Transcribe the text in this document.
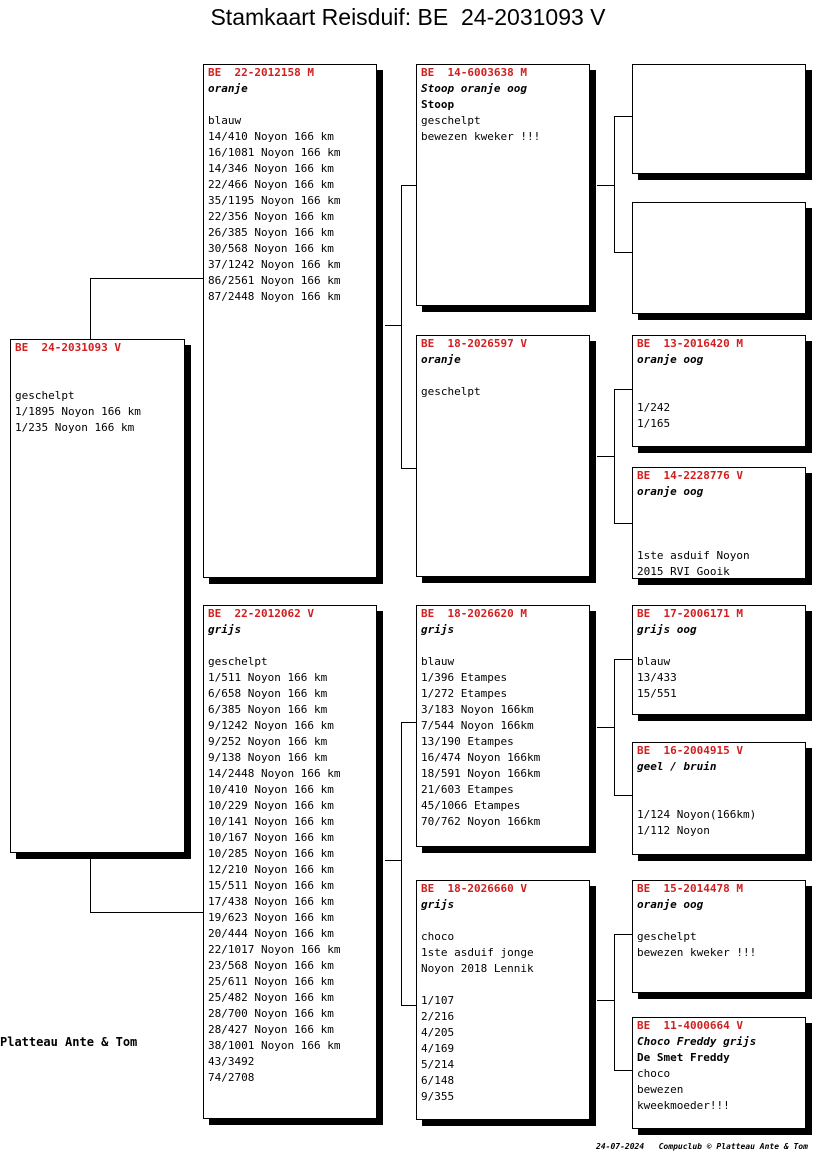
Stamkaart Reisduif: BE  24-2031093 V
BE  24-2031093 V
geschelpt
1/1895 Noyon 166 km
1/235 Noyon 166 km
BE  22-2012158 M
oranje
blauw
14/410 Noyon 166 km
16/1081 Noyon 166 km
14/346 Noyon 166 km
22/466 Noyon 166 km
35/1195 Noyon 166 km
22/356 Noyon 166 km
26/385 Noyon 166 km
30/568 Noyon 166 km
37/1242 Noyon 166 km
86/2561 Noyon 166 km
87/2448 Noyon 166 km
BE  22-2012062 V
grijs
geschelpt
1/511 Noyon 166 km
6/658 Noyon 166 km
6/385 Noyon 166 km
9/1242 Noyon 166 km
9/252 Noyon 166 km
9/138 Noyon 166 km
14/2448 Noyon 166 km
10/410 Noyon 166 km
10/229 Noyon 166 km
10/141 Noyon 166 km
10/167 Noyon 166 km
10/285 Noyon 166 km
12/210 Noyon 166 km
15/511 Noyon 166 km
17/438 Noyon 166 km
19/623 Noyon 166 km
20/444 Noyon 166 km
22/1017 Noyon 166 km
23/568 Noyon 166 km
25/611 Noyon 166 km
25/482 Noyon 166 km
28/700 Noyon 166 km
28/427 Noyon 166 km
38/1001 Noyon 166 km
43/3492
74/2708
BE  14-6003638 M
Stoop oranje oog
Stoop
geschelpt
bewezen kweker !!!
BE  18-2026597 V
oranje
geschelpt
BE  18-2026620 M
grijs
blauw
1/396 Etampes
1/272 Etampes
3/183 Noyon 166km
7/544 Noyon 166km
13/190 Etampes
16/474 Noyon 166km
18/591 Noyon 166km
21/603 Etampes
45/1066 Etampes
70/762 Noyon 166km
BE  18-2026660 V
grijs
choco
1ste asduif jonge
Noyon 2018 Lennik
1/107
2/216
4/205
4/169
5/214
6/148
9/355
BE  13-2016420 M
oranje oog
1/242
1/165
BE  14-2228776 V
oranje oog
1ste asduif Noyon
2015 RVI Gooik
BE  17-2006171 M
grijs oog
blauw
13/433
15/551
BE  16-2004915 V
geel / bruin
1/124 Noyon(166km)
1/112 Noyon
BE  15-2014478 M
oranje oog
geschelpt
bewezen kweker !!!
BE  11-4000664 V
Choco Freddy grijs
De Smet Freddy
choco
bewezen
kweekmoeder!!!
Platteau Ante & Tom
24-07-2024   Compuclub © Platteau Ante & Tom
